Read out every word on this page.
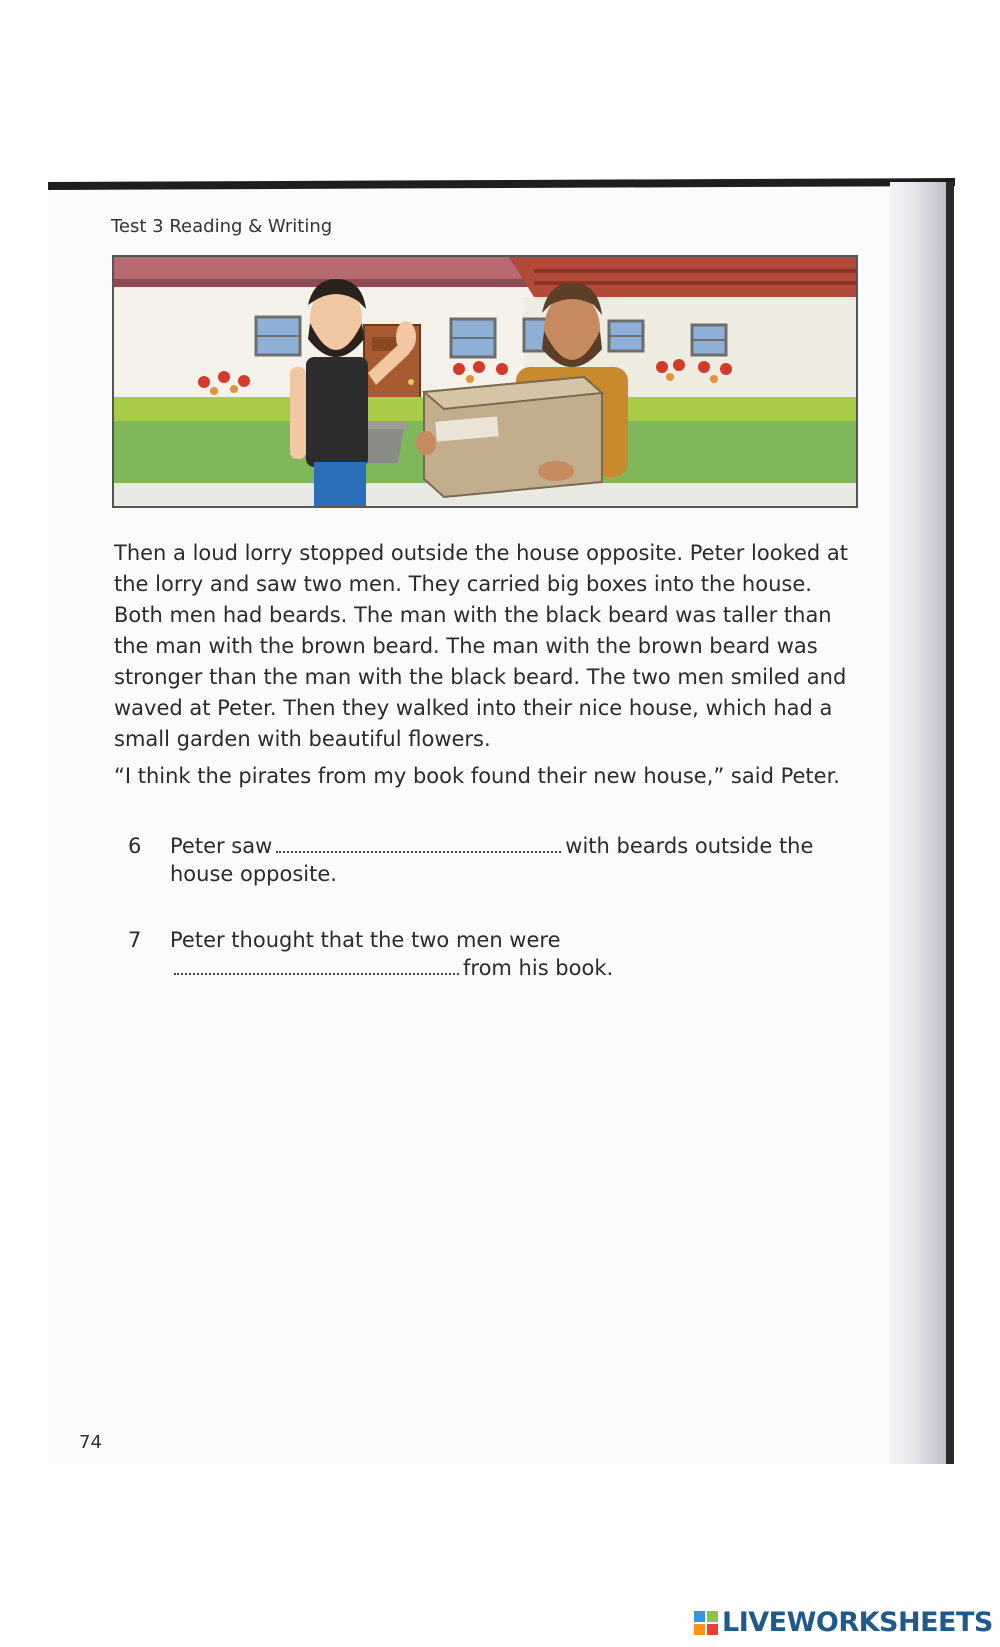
Test 3 Reading & Writing

Then a loud lorry stopped outside the house opposite. Peter looked at the lorry and saw two men. They carried big boxes into the house. Both men had beards. The man with the black beard was taller than the man with the brown beard. The man with the brown beard was stronger than the man with the black beard. The two men smiled and waved at Peter. Then they walked into their nice house, which had a small garden with beautiful flowers.

“I think the pirates from my book found their new house,” said Peter.

6 Peter saw	with beards outside the house opposite.
7 Peter thought that the two men werefrom his book.
74
LIVEWORKSHEETS
